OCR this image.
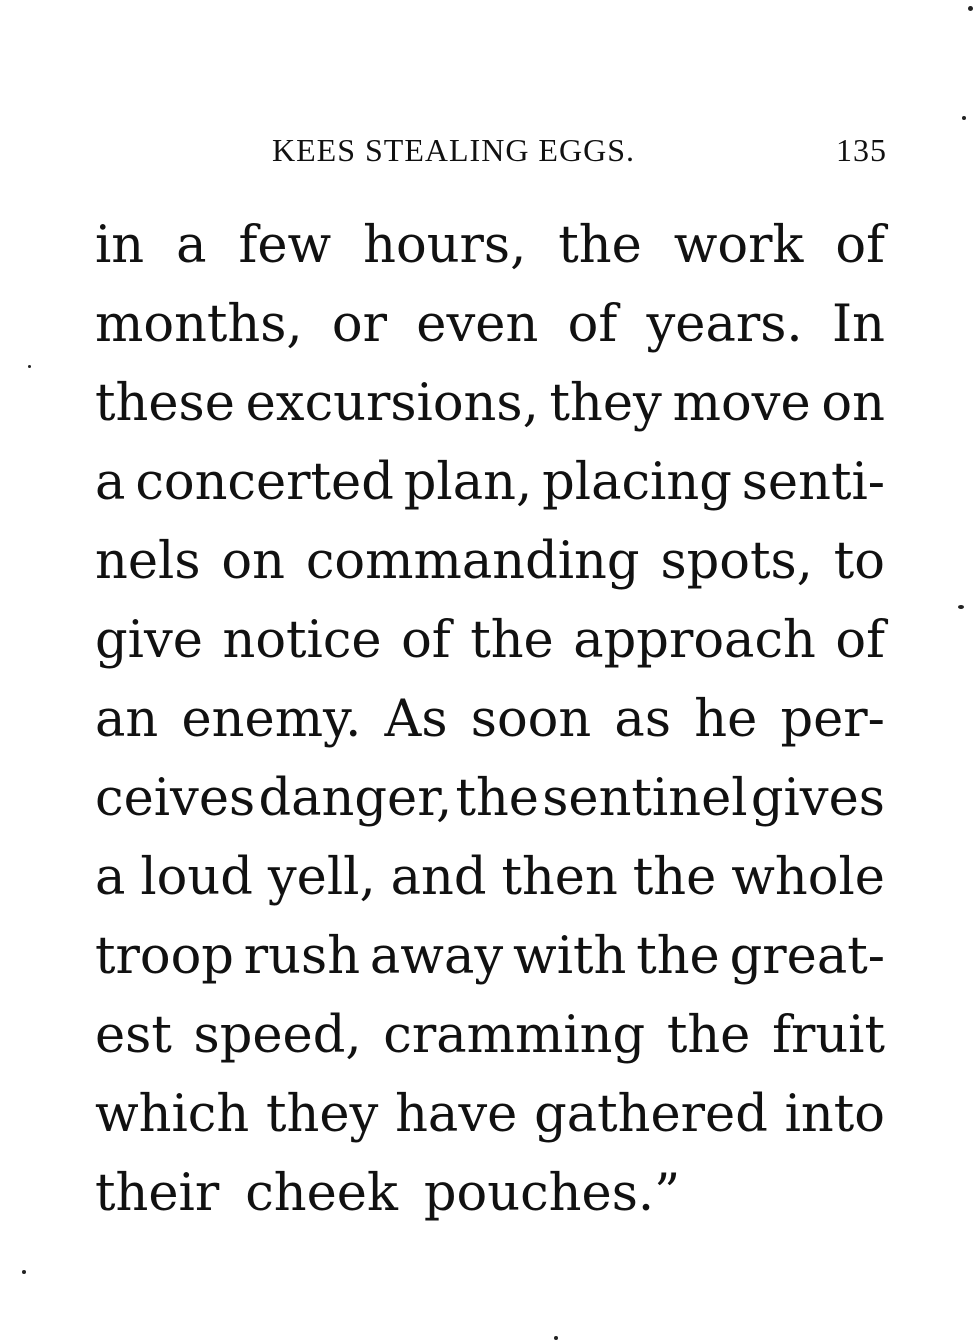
KEES STEALING EGGS.	135
in a few hours, the work of
months, or even of years. In
these excursions, they move on
a concerted plan, placing senti-
nels on commanding spots, to
give notice of the approach of
an enemy. As soon as he per-
ceives danger, the sentinel gives
a loud yell, and then the whole
troop rush away with the great-
est speed, cramming the fruit
which they have gathered into
their cheek pouches.”
